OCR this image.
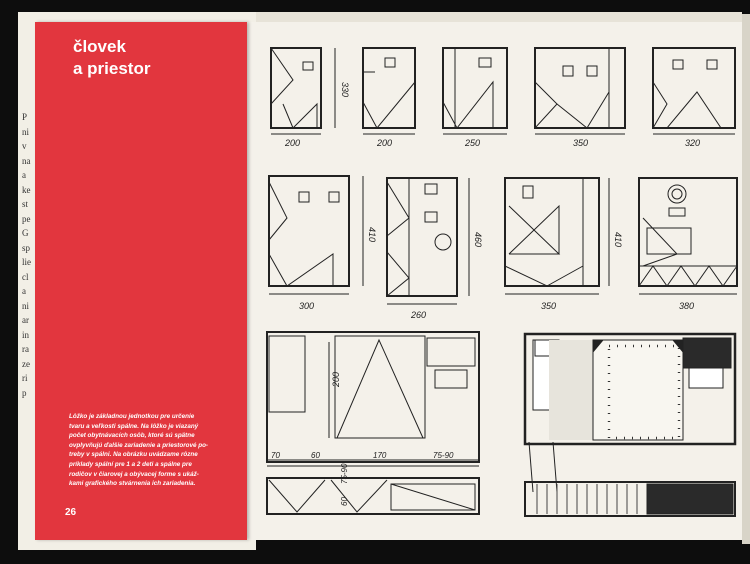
P
ni
v
na
a
ke
st
pe
G
sp
lie
cl
a
ni
ar
in
ra
ze
ri
p
330
200	200	250	350	320
410
300
460
260
410
350	380
200
70	60	170	75-90
75-90
60
človek
a priestor
Lôžko je základnou jednotkou pre určenie
tvaru a veľkosti spálne. Na lôžko je viazaný
počet obytnávacích osôb, ktoré sú spätne
ovplyvňujú ďalšie zariadenie a priestorové po-
treby v spálni. Na obrázku uvádzame rôzne
príklady spální pre 1 a 2 deti a spálne pre
rodičov v čiarovej a obývacej forme s ukáž-
kami grafického stvárnenia ich zariadenia.
26
